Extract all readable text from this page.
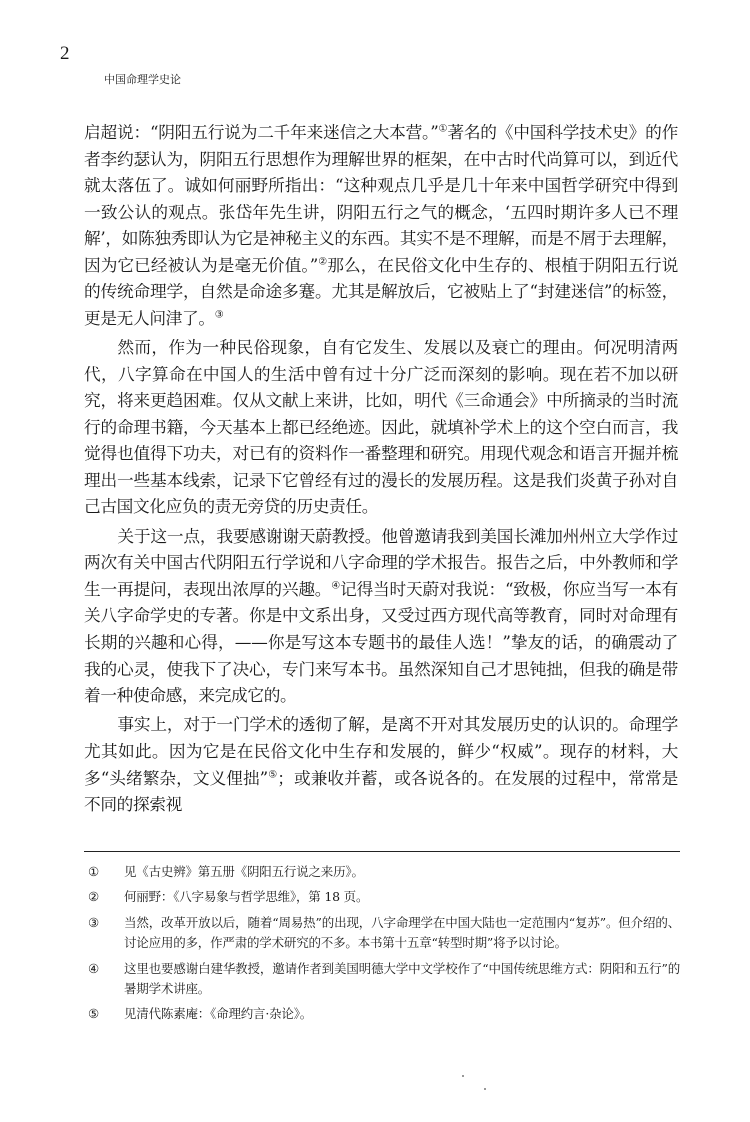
2
中国命理学史论

启超说：“阴阳五行说为二千年来迷信之大本营。”①著名的《中国科学技术史》的作者李约瑟认为，阴阳五行思想作为理解世界的框架，在中古时代尚算可以，到近代就太落伍了。诚如何丽野所指出：“这种观点几乎是几十年来中国哲学研究中得到一致公认的观点。张岱年先生讲，阴阳五行之气的概念，‘五四时期许多人已不理解’，如陈独秀即认为它是神秘主义的东西。其实不是不理解，而是不屑于去理解，因为它已经被认为是毫无价值。”②那么，在民俗文化中生存的、根植于阴阳五行说的传统命理学，自然是命途多蹇。尤其是解放后，它被贴上了“封建迷信”的标签，更是无人问津了。③

然而，作为一种民俗现象，自有它发生、发展以及衰亡的理由。何况明清两代，八字算命在中国人的生活中曾有过十分广泛而深刻的影响。现在若不加以研究，将来更趋困难。仅从文献上来讲，比如，明代《三命通会》中所摘录的当时流行的命理书籍，今天基本上都已经绝迹。因此，就填补学术上的这个空白而言，我觉得也值得下功夫，对已有的资料作一番整理和研究。用现代观念和语言开掘并梳理出一些基本线索，记录下它曾经有过的漫长的发展历程。这是我们炎黄子孙对自己古国文化应负的责无旁贷的历史责任。

关于这一点，我要感谢谢天蔚教授。他曾邀请我到美国长滩加州州立大学作过两次有关中国古代阴阳五行学说和八字命理的学术报告。报告之后，中外教师和学生一再提问，表现出浓厚的兴趣。④记得当时天蔚对我说：“致极，你应当写一本有关八字命学史的专著。你是中文系出身，又受过西方现代高等教育，同时对命理有长期的兴趣和心得，——你是写这本专题书的最佳人选！”挚友的话，的确震动了我的心灵，使我下了决心，专门来写本书。虽然深知自己才思钝拙，但我的确是带着一种使命感，来完成它的。

事实上，对于一门学术的透彻了解，是离不开对其发展历史的认识的。命理学尤其如此。因为它是在民俗文化中生存和发展的，鲜少“权威”。现存的材料，大多“头绪繁杂，文义俚拙”⑤；或兼收并蓄，或各说各的。在发展的过程中，常常是不同的探索视

①	见《古史辨》第五册《阴阳五行说之来历》。
②	何丽野：《八字易象与哲学思维》，第 18 页。
③	当然，改革开放以后，随着“周易热”的出现，八字命理学在中国大陆也一定范围内“复苏”。但介绍的、讨论应用的多，作严肃的学术研究的不多。本书第十五章“转型时期”将予以讨论。
④	这里也要感谢白建华教授，邀请作者到美国明德大学中文学校作了“中国传统思维方式：阴阳和五行”的暑期学术讲座。
⑤	见清代陈素庵：《命理约言·杂论》。
